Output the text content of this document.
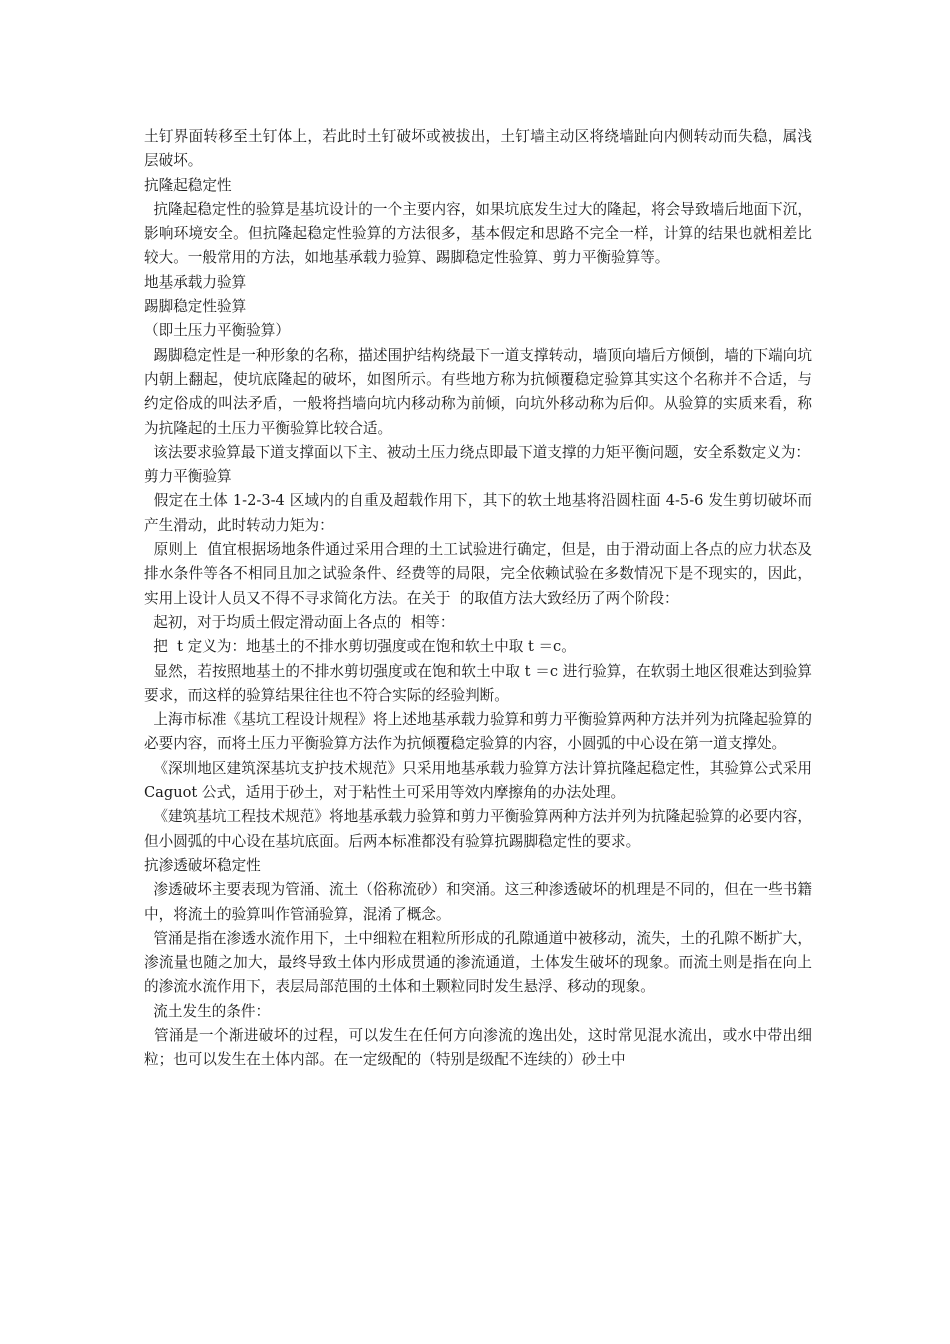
土钉界面转移至土钉体上，若此时土钉破坏或被拔出，土钉墙主动区将绕墙趾向内侧转动而失稳，属浅层破坏。

抗隆起稳定性

抗隆起稳定性的验算是基坑设计的一个主要内容，如果坑底发生过大的隆起，将会导致墙后地面下沉，影响环境安全。但抗隆起稳定性验算的方法很多，基本假定和思路不完全一样，计算的结果也就相差比较大。一般常用的方法，如地基承载力验算、踢脚稳定性验算、剪力平衡验算等。

地基承载力验算

踢脚稳定性验算

（即土压力平衡验算）

踢脚稳定性是一种形象的名称，描述围护结构绕最下一道支撑转动，墙顶向墙后方倾倒，墙的下端向坑内朝上翻起，使坑底隆起的破坏，如图所示。有些地方称为抗倾覆稳定验算其实这个名称并不合适，与约定俗成的叫法矛盾，一般将挡墙向坑内移动称为前倾，向坑外移动称为后仰。从验算的实质来看，称为抗隆起的土压力平衡验算比较合适。

该法要求验算最下道支撑面以下主、被动土压力绕点即最下道支撑的力矩平衡问题，安全系数定义为：

剪力平衡验算

假定在土体 1-2-3-4 区域内的自重及超载作用下，其下的软土地基将沿圆柱面 4-5-6 发生剪切破坏而产生滑动，此时转动力矩为：

原则上  值宜根据场地条件通过采用合理的土工试验进行确定，但是，由于滑动面上各点的应力状态及排水条件等各不相同且加之试验条件、经费等的局限，完全依赖试验在多数情况下是不现实的，因此，实用上设计人员又不得不寻求简化方法。在关于  的取值方法大致经历了两个阶段：

起初，对于均质土假定滑动面上各点的  相等：

把  t 定义为：地基土的不排水剪切强度或在饱和软土中取 t ＝c。

显然，若按照地基土的不排水剪切强度或在饱和软土中取 t ＝c 进行验算，在软弱土地区很难达到验算要求，而这样的验算结果往往也不符合实际的经验判断。

上海市标准《基坑工程设计规程》将上述地基承载力验算和剪力平衡验算两种方法并列为抗隆起验算的必要内容，而将土压力平衡验算方法作为抗倾覆稳定验算的内容，小圆弧的中心设在第一道支撑处。

《深圳地区建筑深基坑支护技术规范》只采用地基承载力验算方法计算抗隆起稳定性，其验算公式采用 Caguot 公式，适用于砂土，对于粘性土可采用等效内摩擦角的办法处理。

《建筑基坑工程技术规范》将地基承载力验算和剪力平衡验算两种方法并列为抗隆起验算的必要内容，但小圆弧的中心设在基坑底面。后两本标准都没有验算抗踢脚稳定性的要求。

抗渗透破坏稳定性

渗透破坏主要表现为管涌、流土（俗称流砂）和突涌。这三种渗透破坏的机理是不同的，但在一些书籍中，将流土的验算叫作管涌验算，混淆了概念。

管涌是指在渗透水流作用下，土中细粒在粗粒所形成的孔隙通道中被移动，流失，土的孔隙不断扩大，渗流量也随之加大，最终导致土体内形成贯通的渗流通道，土体发生破坏的现象。而流土则是指在向上的渗流水流作用下，表层局部范围的土体和土颗粒同时发生悬浮、移动的现象。

流土发生的条件：

管涌是一个渐进破坏的过程，可以发生在任何方向渗流的逸出处，这时常见混水流出，或水中带出细粒；也可以发生在土体内部。在一定级配的（特别是级配不连续的）砂土中
